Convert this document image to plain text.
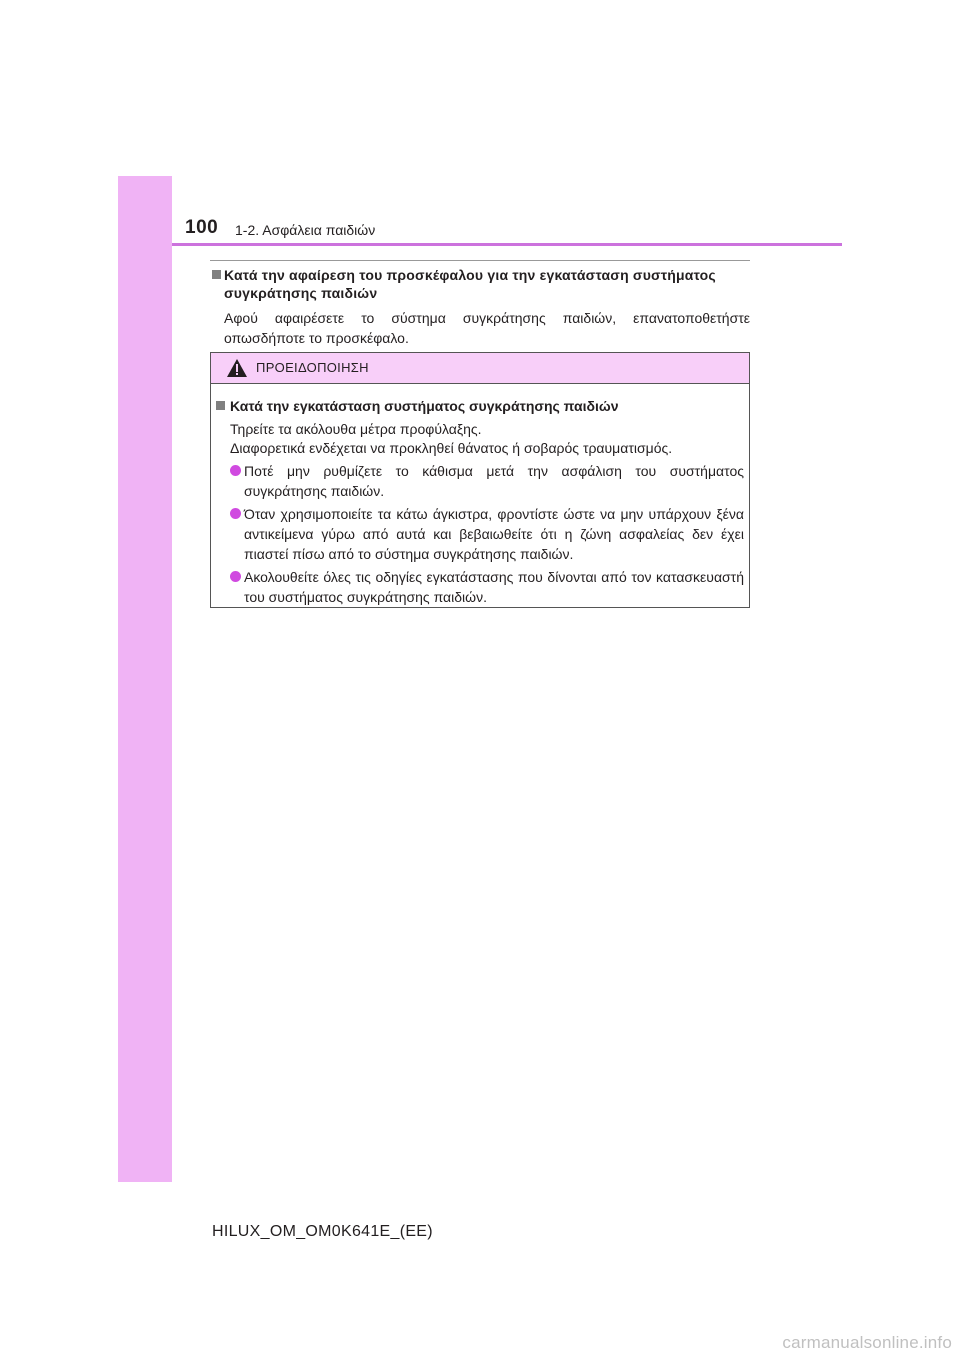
100 1-2. Ασφάλεια παιδιών
Κατά την αφαίρεση του προσκέφαλου για την εγκατάσταση συστήματος
συγκράτησης παιδιών
Αφού αφαιρέσετε το σύστημα συγκράτησης παιδιών, επανατοποθετήστε οπωσδήποτε το προσκέφαλο.
ΠΡΟΕΙΔΟΠΟΙΗΣΗ
Κατά την εγκατάσταση συστήματος συγκράτησης παιδιών
Τηρείτε τα ακόλουθα μέτρα προφύλαξης.
Διαφορετικά ενδέχεται να προκληθεί θάνατος ή σοβαρός τραυματισμός.
Ποτέ μην ρυθμίζετε το κάθισμα μετά την ασφάλιση του συστήματος συγκράτησης παιδιών.
Όταν χρησιμοποιείτε τα κάτω άγκιστρα, φροντίστε ώστε να μην υπάρχουν ξένα αντικείμενα γύρω από αυτά και βεβαιωθείτε ότι η ζώνη ασφαλείας δεν έχει πιαστεί πίσω από το σύστημα συγκράτησης παιδιών.
Ακολουθείτε όλες τις οδηγίες εγκατάστασης που δίνονται από τον κατασκευαστή του συστήματος συγκράτησης παιδιών.
HILUX_OM_OM0K641E_(EE)
carmanualsonline.info
